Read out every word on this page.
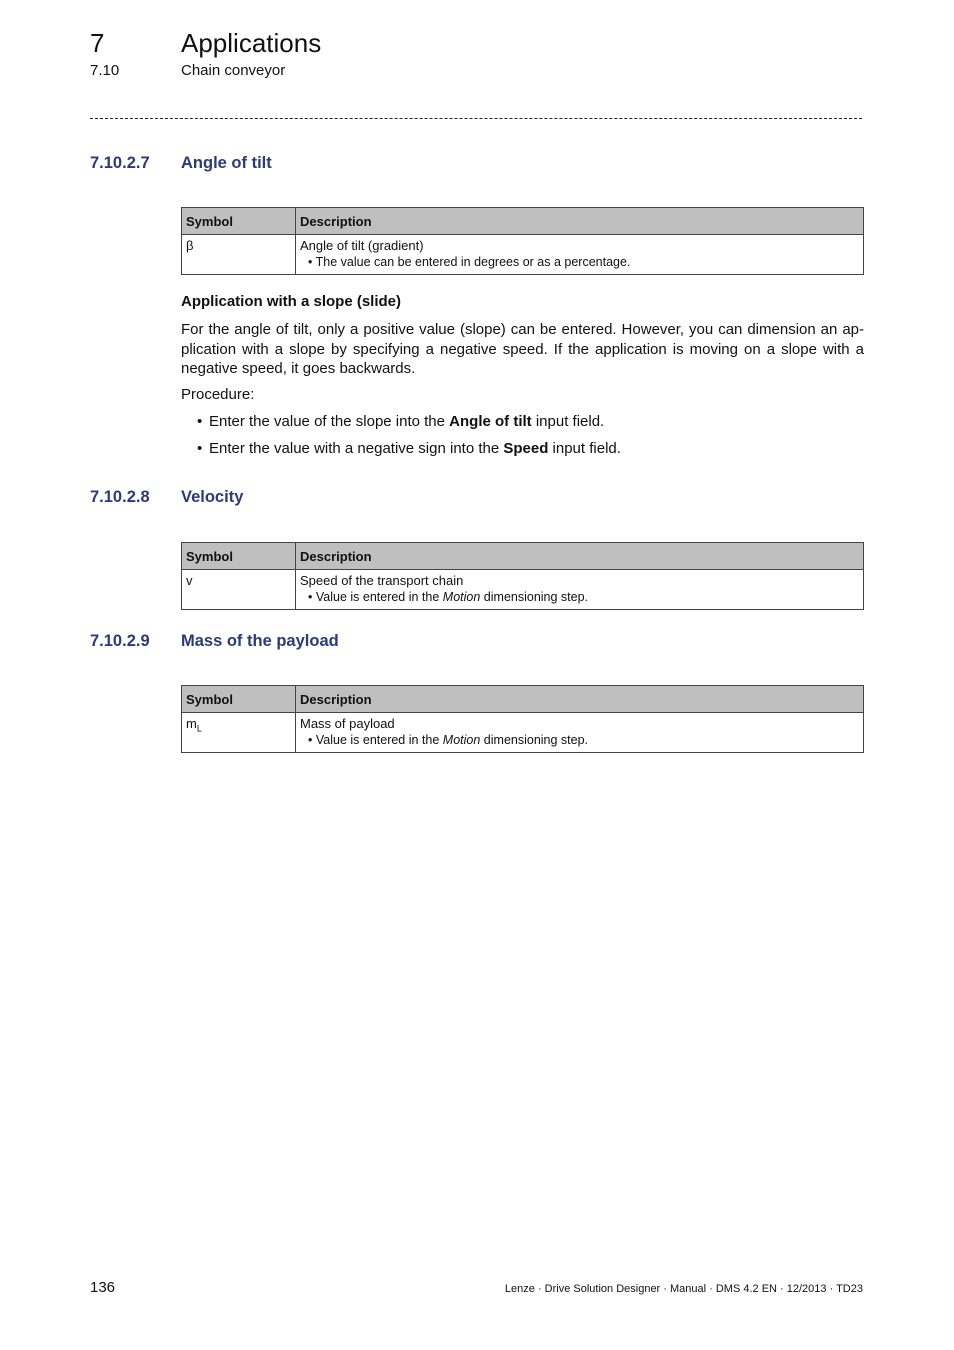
7	Applications
7.10	Chain conveyor
7.10.2.7 Angle of tilt
Symbol	Description
β	Angle of tilt (gradient)
• The value can be entered in degrees or as a percentage.
Application with a slope (slide)
For the angle of tilt, only a positive value (slope) can be entered. However, you can dimension an ap-plication with a slope by specifying a negative speed. If the application is moving on a slope with a negative speed, it goes backwards.
Procedure:
• Enter the value of the slope into the Angle of tilt input field.
• Enter the value with a negative sign into the Speed input field.
7.10.2.8 Velocity
Symbol	Description
v	Speed of the transport chain
• Value is entered in the Motion dimensioning step.
7.10.2.9 Mass of the payload
Symbol	Description
$m_L$	Mass of payload
• Value is entered in the Motion dimensioning step.
136	Lenze · Drive Solution Designer · Manual · DMS 4.2 EN · 12/2013 · TD23
